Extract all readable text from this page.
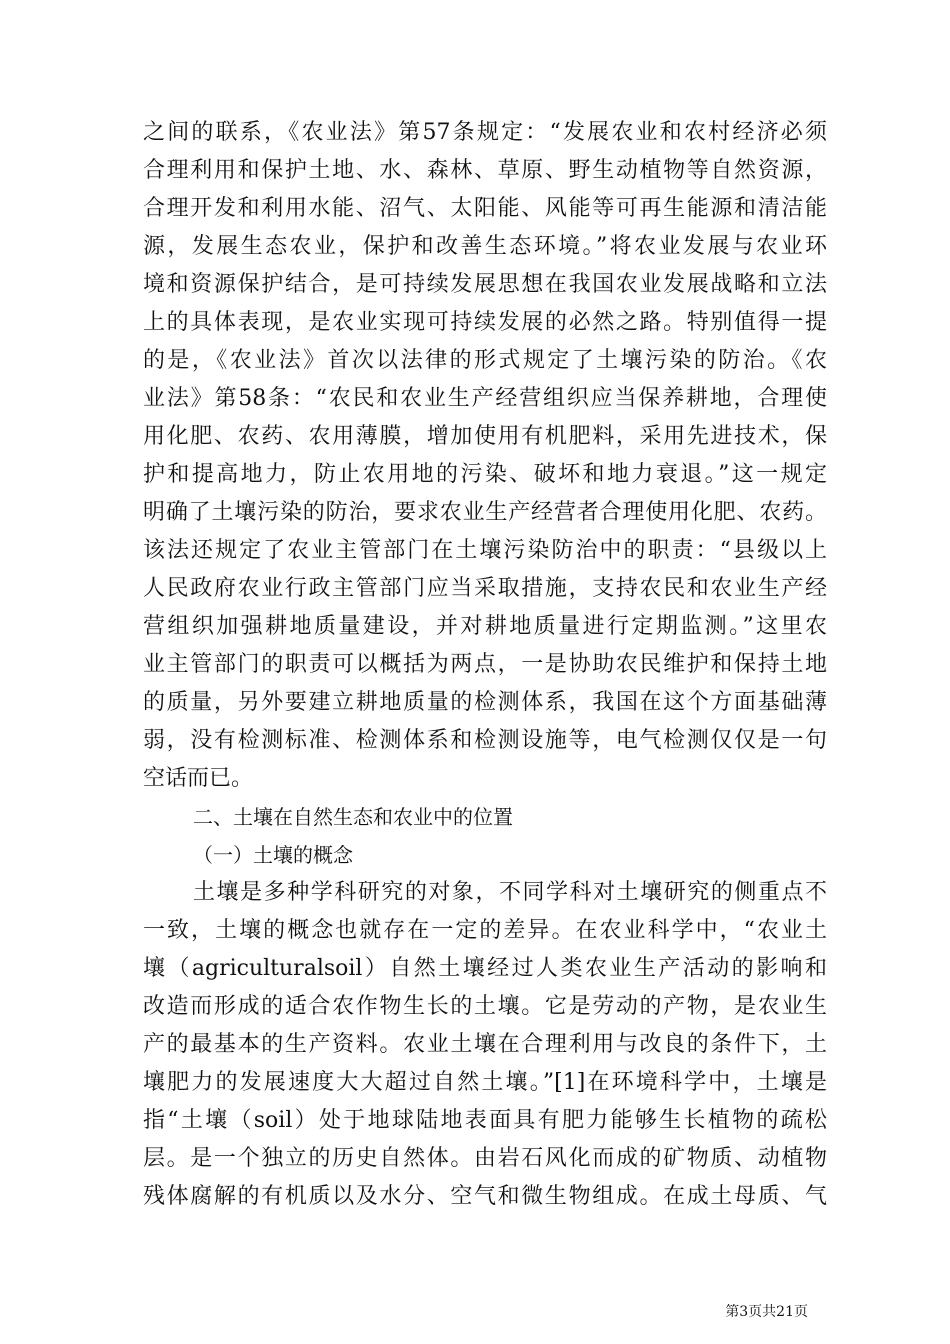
之间的联系，《农业法》第57条规定：“发展农业和农村经济必须
合理利用和保护土地、水、森林、草原、野生动植物等自然资源，
合理开发和利用水能、沼气、太阳能、风能等可再生能源和清洁能
源，发展生态农业，保护和改善生态环境。”将农业发展与农业环
境和资源保护结合，是可持续发展思想在我国农业发展战略和立法
上的具体表现，是农业实现可持续发展的必然之路。特别值得一提
的是，《农业法》首次以法律的形式规定了土壤污染的防治。《农
业法》第58条：“农民和农业生产经营组织应当保养耕地，合理使
用化肥、农药、农用薄膜，增加使用有机肥料，采用先进技术，保
护和提高地力，防止农用地的污染、破坏和地力衰退。”这一规定
明确了土壤污染的防治，要求农业生产经营者合理使用化肥、农药。
该法还规定了农业主管部门在土壤污染防治中的职责：“县级以上
人民政府农业行政主管部门应当采取措施，支持农民和农业生产经
营组织加强耕地质量建设，并对耕地质量进行定期监测。”这里农
业主管部门的职责可以概括为两点，一是协助农民维护和保持土地
的质量，另外要建立耕地质量的检测体系，我国在这个方面基础薄
弱，没有检测标准、检测体系和检测设施等，电气检测仅仅是一句
空话而已。
二、土壤在自然生态和农业中的位置
（一）土壤的概念
土壤是多种学科研究的对象，不同学科对土壤研究的侧重点不
一致，土壤的概念也就存在一定的差异。在农业科学中，“农业土
壤（agriculturalsoil）自然土壤经过人类农业生产活动的影响和
改造而形成的适合农作物生长的土壤。它是劳动的产物，是农业生
产的最基本的生产资料。农业土壤在合理利用与改良的条件下，土
壤肥力的发展速度大大超过自然土壤。”[1]在环境科学中，土壤是
指“土壤（soil）处于地球陆地表面具有肥力能够生长植物的疏松
层。是一个独立的历史自然体。由岩石风化而成的矿物质、动植物
残体腐解的有机质以及水分、空气和微生物组成。在成土母质、气
第3页共21页
